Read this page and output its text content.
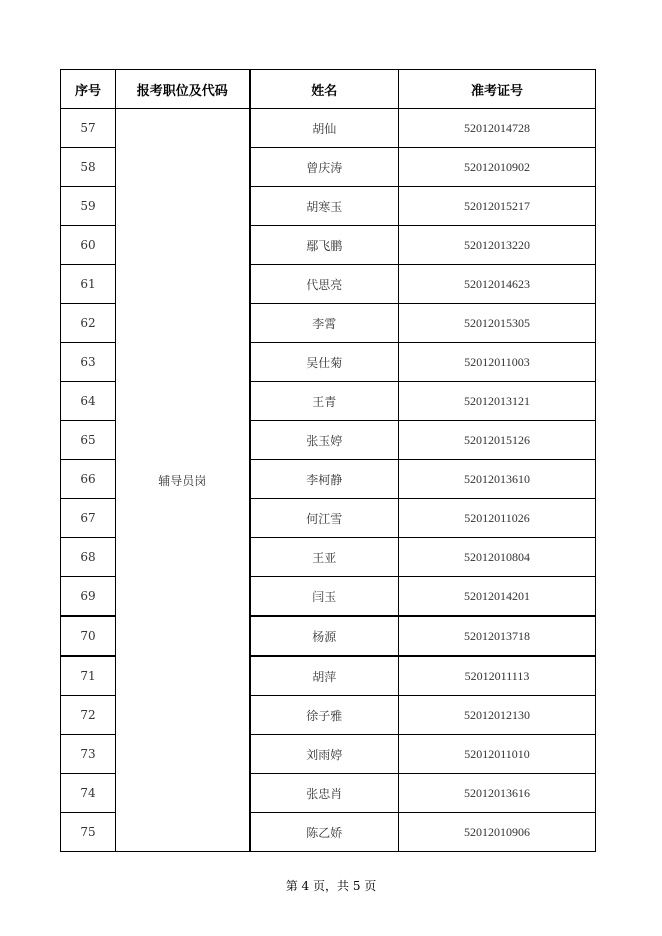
序号	报考职位及代码	姓名	准考证号
57	辅导员岗	胡仙	52012014728
58		曾庆涛	52012010902
59		胡寒玉	52012015217
60		鄢飞鹏	52012013220
61		代思亮	52012014623
62		李霄	52012015305
63		吴仕菊	52012011003
64		王青	52012013121
65		张玉婷	52012015126
66		李柯静	52012013610
67		何江雪	52012011026
68		王亚	52012010804
69		闫玉	52012014201
70		杨源	52012013718
71		胡萍	52012011113
72		徐子雅	52012012130
73		刘雨婷	52012011010
74		张忠肖	52012013616
75		陈乙娇	52012010906
第 4 页，共 5 页
